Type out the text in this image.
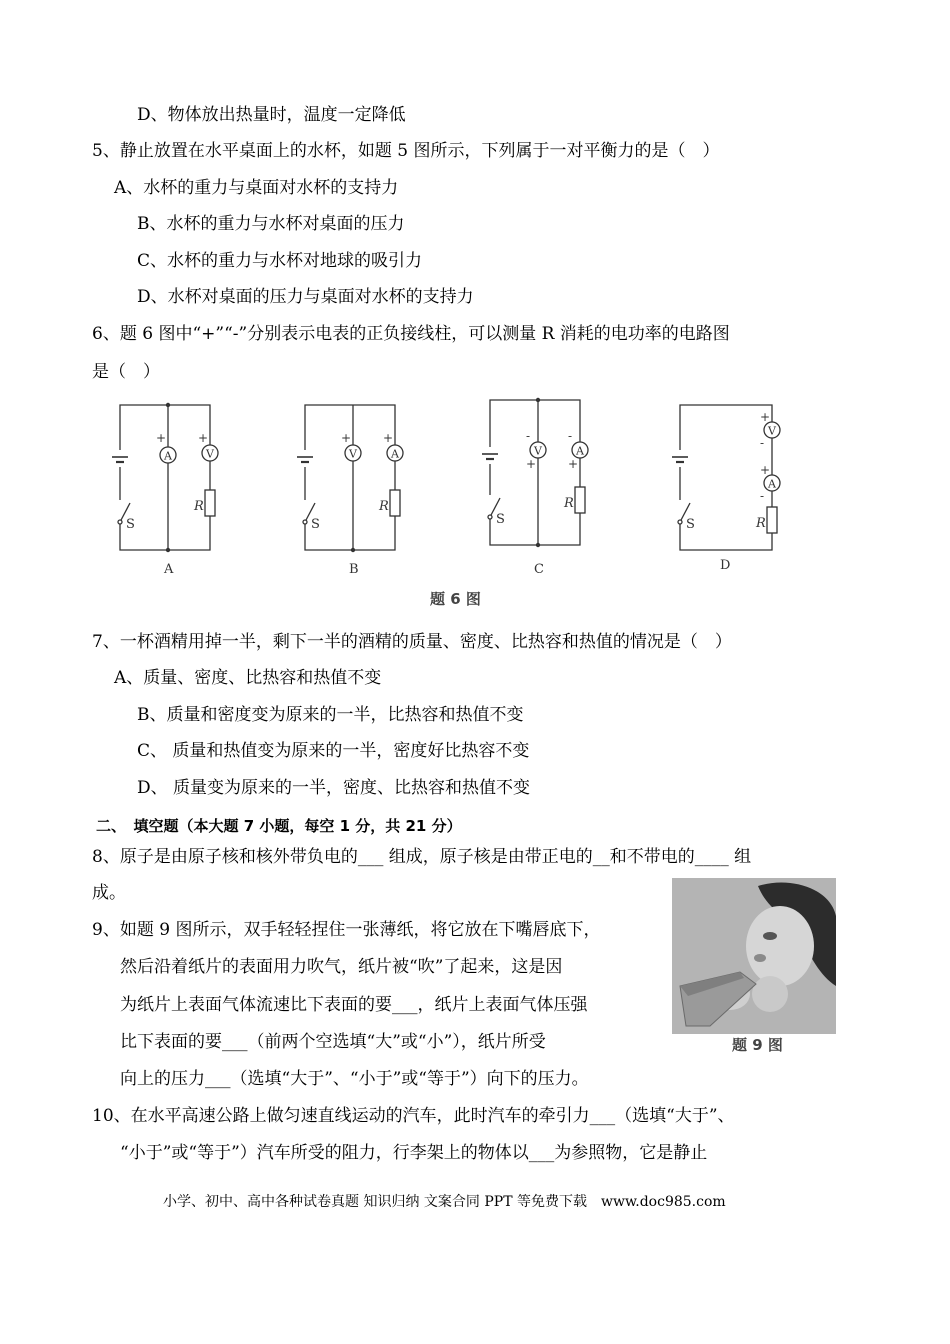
D、物体放出热量时，温度一定降低
5、静止放置在水平桌面上的水杯，如题 5 图所示，下列属于一对平衡力的是（　）
A、水杯的重力与桌面对水杯的支持力
B、水杯的重力与水杯对桌面的压力
C、水杯的重力与水杯对地球的吸引力
D、水杯对桌面的压力与桌面对水杯的支持力
6、题 6 图中“+”“-”分别表示电表的正负接线柱，可以测量 R 消耗的电功率的电路图
是（　）
S
A
+
V
+
R
A
S
V
+
A
+
R
B
S
V
-
+
A
-
+
R
C
S
V
+
-
A
+
-
R
D
题 6 图
7、一杯酒精用掉一半，剩下一半的酒精的质量、密度、比热容和热值的情况是（　）
A、质量、密度、比热容和热值不变
B、质量和密度变为原来的一半，比热容和热值不变
C、 质量和热值变为原来的一半，密度好比热容不变
D、 质量变为原来的一半，密度、比热容和热值不变
二、　填空题（本大题 7 小题，每空 1 分，共 21 分）
8、原子是由原子核和核外带负电的___ 组成，原子核是由带正电的__和不带电的____ 组
成。
9、如题 9 图所示，双手轻轻捏住一张薄纸，将它放在下嘴唇底下，
然后沿着纸片的表面用力吹气，纸片被“吹”了起来，这是因
为纸片上表面气体流速比下表面的要___，纸片上表面气体压强
比下表面的要___（前两个空选填“大”或“小”），纸片所受
向上的压力___（选填“大于”、“小于”或“等于”）向下的压力。
题 9 图
10、在水平高速公路上做匀速直线运动的汽车，此时汽车的牵引力___（选填“大于”、
“小于”或“等于”）汽车所受的阻力，行李架上的物体以___为参照物，它是静止
小学、初中、高中各种试卷真题 知识归纳 文案合同 PPT 等免费下载　www.doc985.com
